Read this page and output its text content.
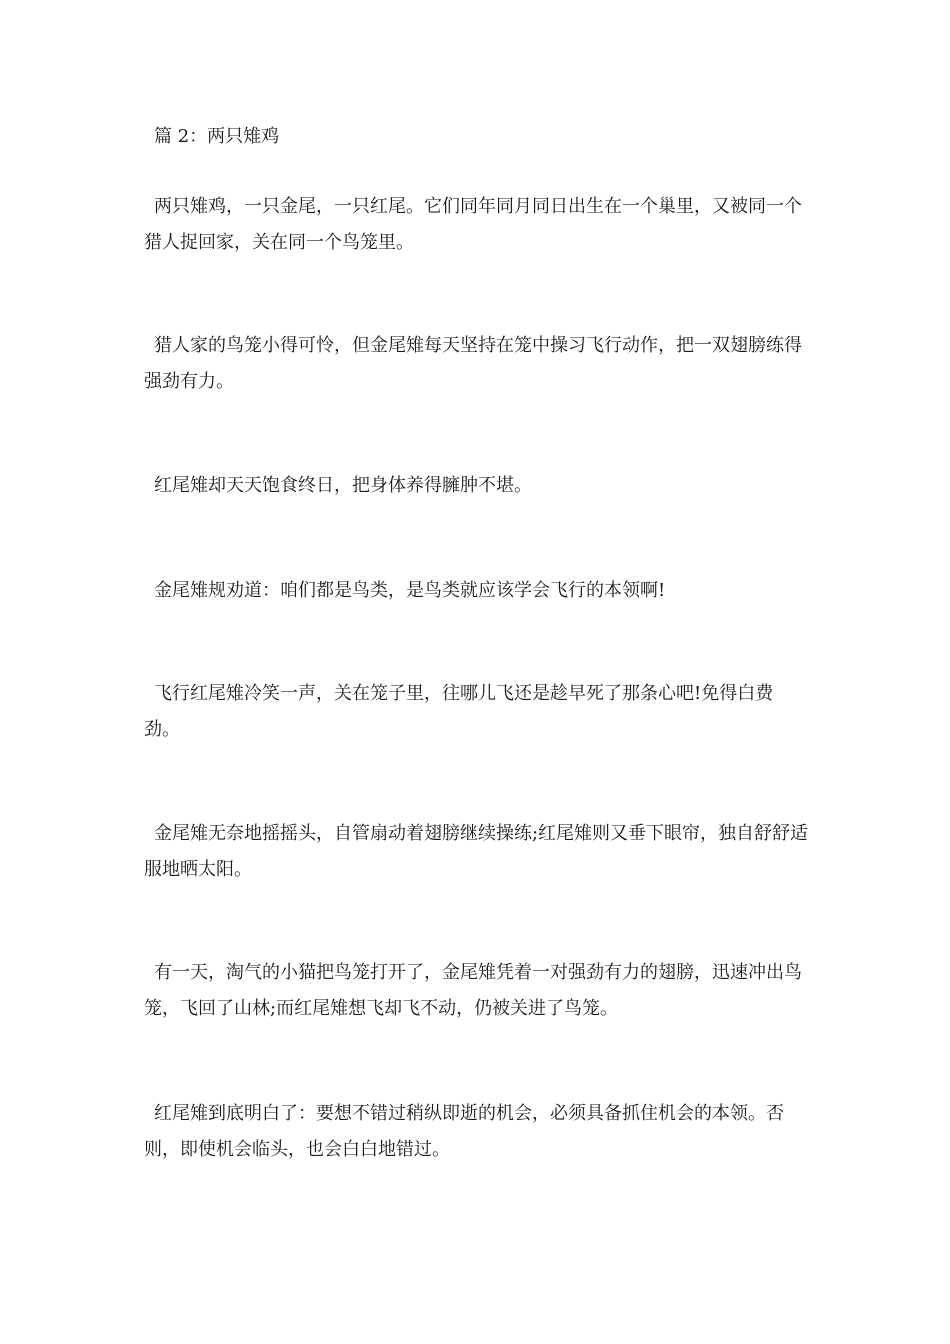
篇 2：两只雉鸡

两只雉鸡，一只金尾，一只红尾。它们同年同月同日出生在一个巢里，又被同一个猎人捉回家，关在同一个鸟笼里。

猎人家的鸟笼小得可怜，但金尾雉每天坚持在笼中操习飞行动作，把一双翅膀练得强劲有力。

红尾雉却天天饱食终日，把身体养得臃肿不堪。

金尾雉规劝道：咱们都是鸟类，是鸟类就应该学会飞行的本领啊!

飞行红尾雉冷笑一声，关在笼子里，往哪儿飞还是趁早死了那条心吧!免得白费劲。

金尾雉无奈地摇摇头，自管扇动着翅膀继续操练;红尾雉则又垂下眼帘，独自舒舒适服地晒太阳。

有一天，淘气的小猫把鸟笼打开了，金尾雉凭着一对强劲有力的翅膀，迅速冲出鸟笼，飞回了山林;而红尾雉想飞却飞不动，仍被关进了鸟笼。

红尾雉到底明白了：要想不错过稍纵即逝的机会，必须具备抓住机会的本领。否则，即使机会临头，也会白白地错过。
